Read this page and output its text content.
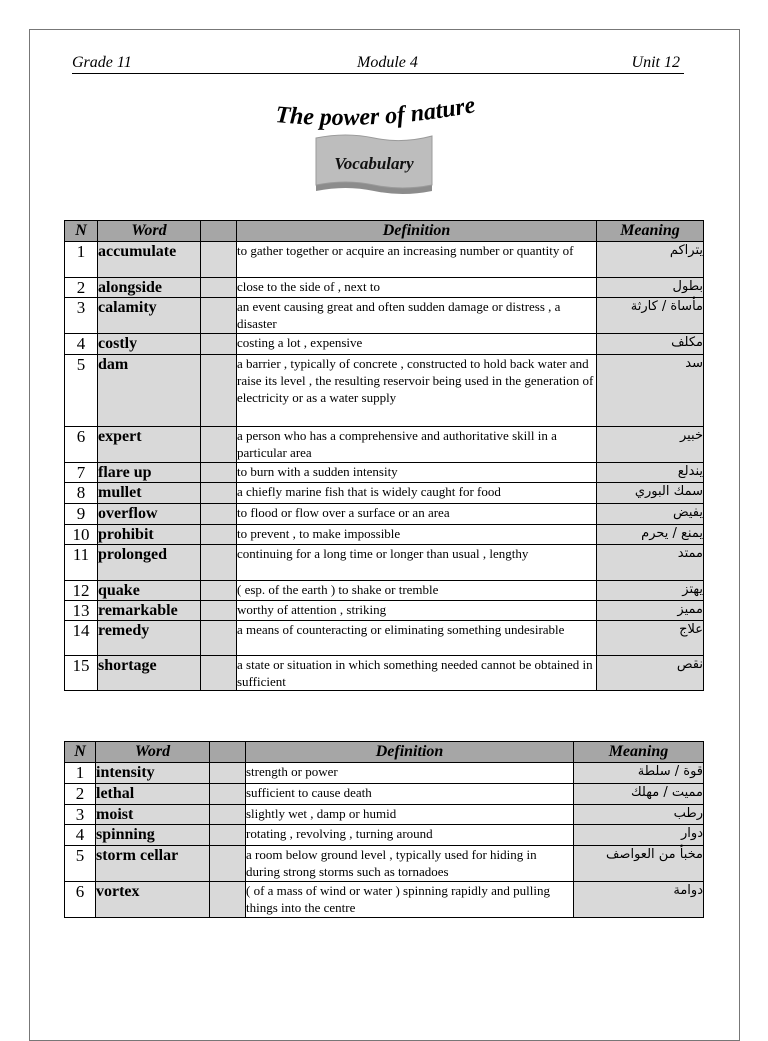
Grade 11	Module 4	Unit 12
The power of nature
Vocabulary
N	Word		Definition	Meaning
1	accumulate		to gather together or acquire an increasing number or quantity of	يتراكم
2	alongside		close to the side of , next to	بطول
3	calamity		an event causing great and often sudden damage or distress , a disaster	مأساة / كارثة
4	costly		costing a lot , expensive	مكلف
5	dam		a barrier , typically of concrete , constructed to hold back water and raise its level , the resulting reservoir being used in the generation of electricity or as a water supply	سد
6	expert		a person who has a comprehensive and authoritative skill in a particular area	خبير
7	flare up		to burn with a sudden intensity	يندلع
8	mullet		a chiefly marine fish that is widely caught for food	سمك البوري
9	overflow		to flood or flow over a surface or an area	يفيض
10	prohibit		to prevent , to make impossible	يمنع / يحرم
11	prolonged		continuing for a long time or longer than usual , lengthy	ممتد
12	quake		( esp. of the earth ) to shake or tremble	يهتز
13	remarkable		worthy of attention , striking	مميز
14	remedy		a means of counteracting or eliminating something undesirable	علاج
15	shortage		a state or situation in which something needed cannot be obtained in sufficient	نقص
N	Word		Definition	Meaning
1	intensity		strength or power	قوة / سلطة
2	lethal		sufficient to cause death	مميت / مهلك
3	moist		slightly wet , damp or humid	رطب
4	spinning		rotating , revolving , turning around	دوار
5	storm cellar		a room below ground level , typically used for hiding in during strong storms such as tornadoes	مخبأ من العواصف
6	vortex		( of a mass of wind or water ) spinning rapidly and pulling things into the centre	دوامة
